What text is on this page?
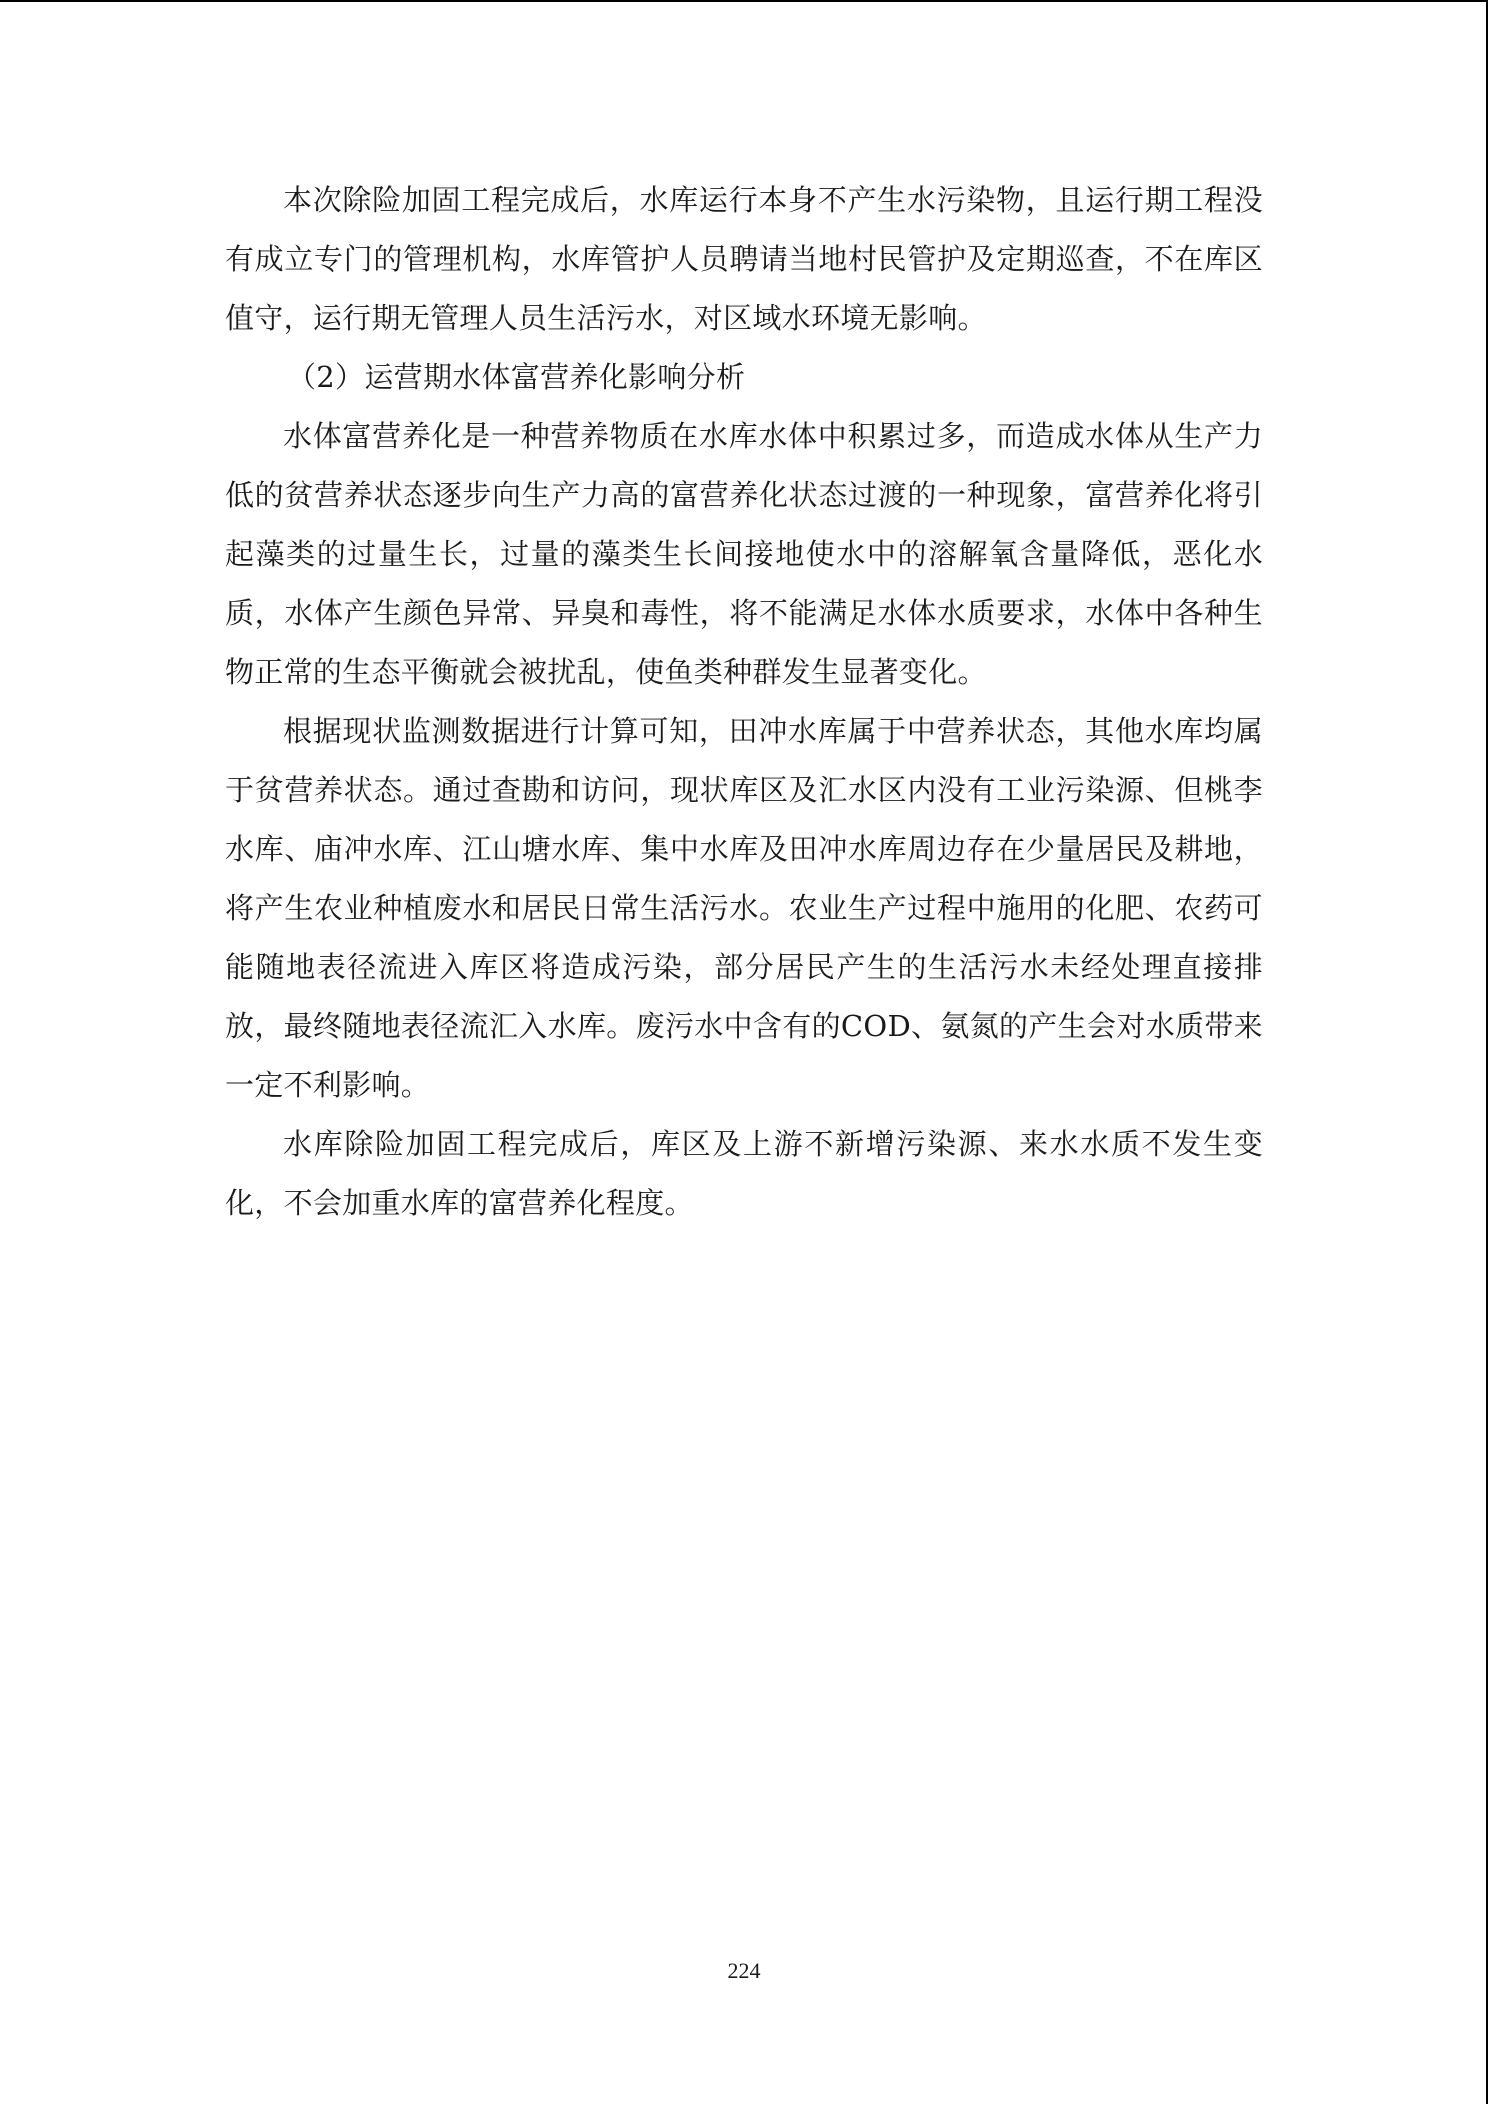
本次除险加固工程完成后，水库运行本身不产生水污染物，且运行期工程没有成立专门的管理机构，水库管护人员聘请当地村民管护及定期巡查，不在库区值守，运行期无管理人员生活污水，对区域水环境无影响。

（2）运营期水体富营养化影响分析

水体富营养化是一种营养物质在水库水体中积累过多，而造成水体从生产力低的贫营养状态逐步向生产力高的富营养化状态过渡的一种现象，富营养化将引起藻类的过量生长，过量的藻类生长间接地使水中的溶解氧含量降低，恶化水质，水体产生颜色异常、异臭和毒性，将不能满足水体水质要求，水体中各种生物正常的生态平衡就会被扰乱，使鱼类种群发生显著变化。

根据现状监测数据进行计算可知，田冲水库属于中营养状态，其他水库均属于贫营养状态。通过查勘和访问，现状库区及汇水区内没有工业污染源、但桃李水库、庙冲水库、江山塘水库、集中水库及田冲水库周边存在少量居民及耕地，将产生农业种植废水和居民日常生活污水。农业生产过程中施用的化肥、农药可能随地表径流进入库区将造成污染，部分居民产生的生活污水未经处理直接排放，最终随地表径流汇入水库。废污水中含有的COD、氨氮的产生会对水质带来一定不利影响。

水库除险加固工程完成后，库区及上游不新增污染源、来水水质不发生变化，不会加重水库的富营养化程度。

224
